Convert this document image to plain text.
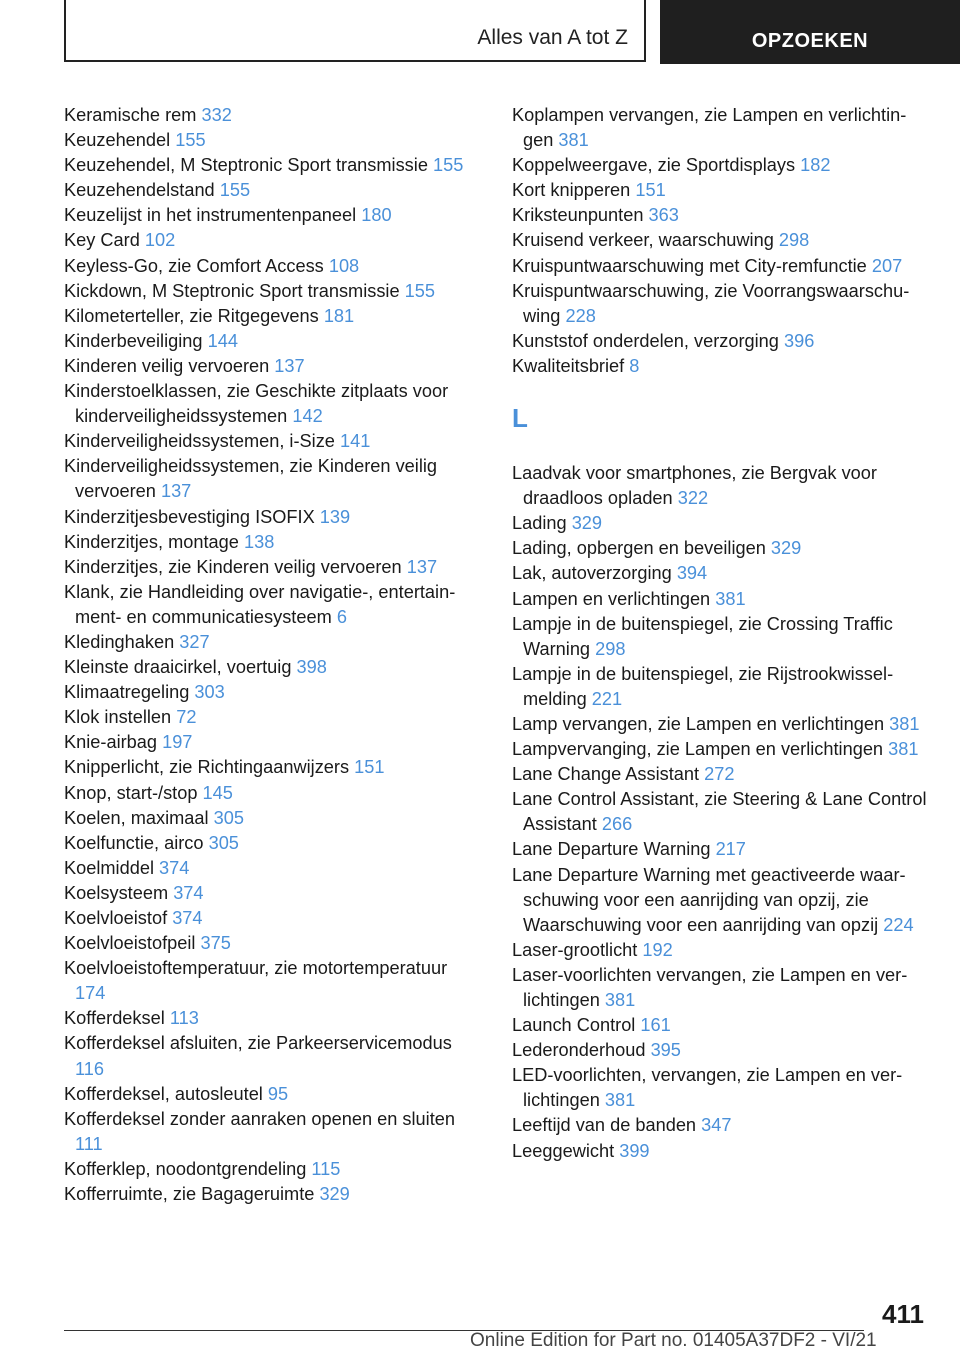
Alles van A tot Z	OPZOEKEN
Keramische rem 332
Keuzehendel 155
Keuzehendel, M Steptronic Sport transmissie 155
Keuzehendelstand 155
Keuzelijst in het instrumentenpaneel 180
Key Card 102
Keyless-Go, zie Comfort Access 108
Kickdown, M Steptronic Sport transmissie 155
Kilometerteller, zie Ritgegevens 181
Kinderbeveiliging 144
Kinderen veilig vervoeren 137
Kinderstoelklassen, zie Geschikte zitplaats voor kinderveiligheidssystemen 142
Kinderveiligheidssystemen, i-Size 141
Kinderveiligheidssystemen, zie Kinderen veilig vervoeren 137
Kinderzitjesbevestiging ISOFIX 139
Kinderzitjes, montage 138
Kinderzitjes, zie Kinderen veilig vervoeren 137
Klank, zie Handleiding over navigatie-, entertainment- en communicatiesysteem 6
Kledinghaken 327
Kleinste draaicirkel, voertuig 398
Klimaatregeling 303
Klok instellen 72
Knie-airbag 197
Knipperlicht, zie Richtingaanwijzers 151
Knop, start-/stop 145
Koelen, maximaal 305
Koelfunctie, airco 305
Koelmiddel 374
Koelsysteem 374
Koelvloeistof 374
Koelvloeistofpeil 375
Koelvloeistoftemperatuur, zie motortemperatuur 174
Kofferdeksel 113
Kofferdeksel afsluiten, zie Parkeerservicemodus 116
Kofferdeksel, autosleutel 95
Kofferdeksel zonder aanraken openen en sluiten 111
Kofferklep, noodontgrendeling 115
Kofferruimte, zie Bagageruimte 329
Koplampen vervangen, zie Lampen en verlichtingen 381
Koppelweergave, zie Sportdisplays 182
Kort knipperen 151
Kriksteunpunten 363
Kruisend verkeer, waarschuwing 298
Kruispuntwaarschuwing met City-remfunctie 207
Kruispuntwaarschuwing, zie Voorrangswaarschuwing 228
Kunststof onderdelen, verzorging 396
Kwaliteitsbrief 8
L
Laadvak voor smartphones, zie Bergvak voor draadloos opladen 322
Lading 329
Lading, opbergen en beveiligen 329
Lak, autoverzorging 394
Lampen en verlichtingen 381
Lampje in de buitenspiegel, zie Crossing Traffic Warning 298
Lampje in de buitenspiegel, zie Rijstrookwisselmelding 221
Lamp vervangen, zie Lampen en verlichtingen 381
Lampvervanging, zie Lampen en verlichtingen 381
Lane Change Assistant 272
Lane Control Assistant, zie Steering & Lane Control Assistant 266
Lane Departure Warning 217
Lane Departure Warning met geactiveerde waarschuwing voor een aanrijding van opzij, zie Waarschuwing voor een aanrijding van opzij 224
Laser-grootlicht 192
Laser-voorlichten vervangen, zie Lampen en verlichtingen 381
Launch Control 161
Lederonderhoud 395
LED-voorlichten, vervangen, zie Lampen en verlichtingen 381
Leeftijd van de banden 347
Leeggewicht 399
411
Online Edition for Part no. 01405A37DF2 - VI/21
